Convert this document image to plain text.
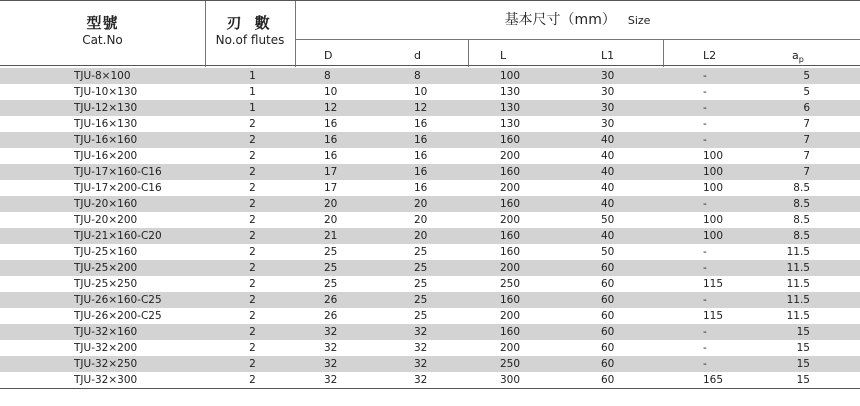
型號
Cat.No
刃 數
No.of flutes
基本尺寸（mm） Size
D	d	L	L1	L2	$a_p$
TJU-8×100	1	8	8	100	30	-	5
TJU-10×130	1	10	10	130	30	-	5
TJU-12×130	1	12	12	130	30	-	6
TJU-16×130	2	16	16	130	30	-	7
TJU-16×160	2	16	16	160	40	-	7
TJU-16×200	2	16	16	200	40	100	7
TJU-17×160-C16	2	17	16	160	40	100	7
TJU-17×200-C16	2	17	16	200	40	100	8.5
TJU-20×160	2	20	20	160	40	-	8.5
TJU-20×200	2	20	20	200	50	100	8.5
TJU-21×160-C20	2	21	20	160	40	100	8.5
TJU-25×160	2	25	25	160	50	-	11.5
TJU-25×200	2	25	25	200	60	-	11.5
TJU-25×250	2	25	25	250	60	115	11.5
TJU-26×160-C25	2	26	25	160	60	-	11.5
TJU-26×200-C25	2	26	25	200	60	115	11.5
TJU-32×160	2	32	32	160	60	-	15
TJU-32×200	2	32	32	200	60	-	15
TJU-32×250	2	32	32	250	60	-	15
TJU-32×300	2	32	32	300	60	165	15
